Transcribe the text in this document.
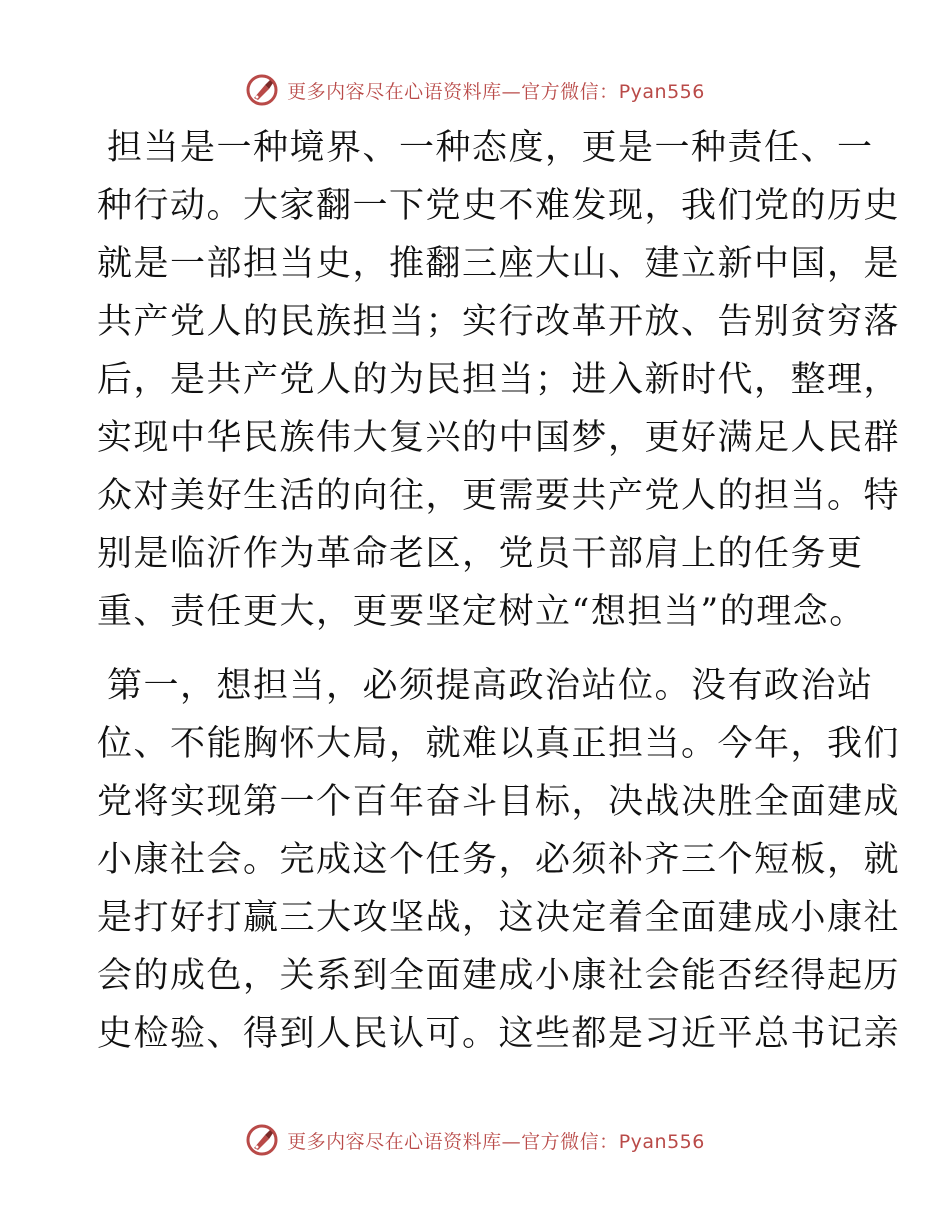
更多内容尽在心语资料库—官方微信：Pyan556
担当是一种境界、一种态度，更是一种责任、一
种行动。大家翻一下党史不难发现，我们党的历史
就是一部担当史，推翻三座大山、建立新中国，是
共产党人的民族担当；实行改革开放、告别贫穷落
后，是共产党人的为民担当；进入新时代，整理，
实现中华民族伟大复兴的中国梦，更好满足人民群
众对美好生活的向往，更需要共产党人的担当。特
别是临沂作为革命老区，党员干部肩上的任务更
重、责任更大，更要坚定树立“想担当”的理念。
第一，想担当，必须提高政治站位。没有政治站
位、不能胸怀大局，就难以真正担当。今年，我们
党将实现第一个百年奋斗目标，决战决胜全面建成
小康社会。完成这个任务，必须补齐三个短板，就
是打好打赢三大攻坚战，这决定着全面建成小康社
会的成色，关系到全面建成小康社会能否经得起历
史检验、得到人民认可。这些都是习近平总书记亲
更多内容尽在心语资料库—官方微信：Pyan556
